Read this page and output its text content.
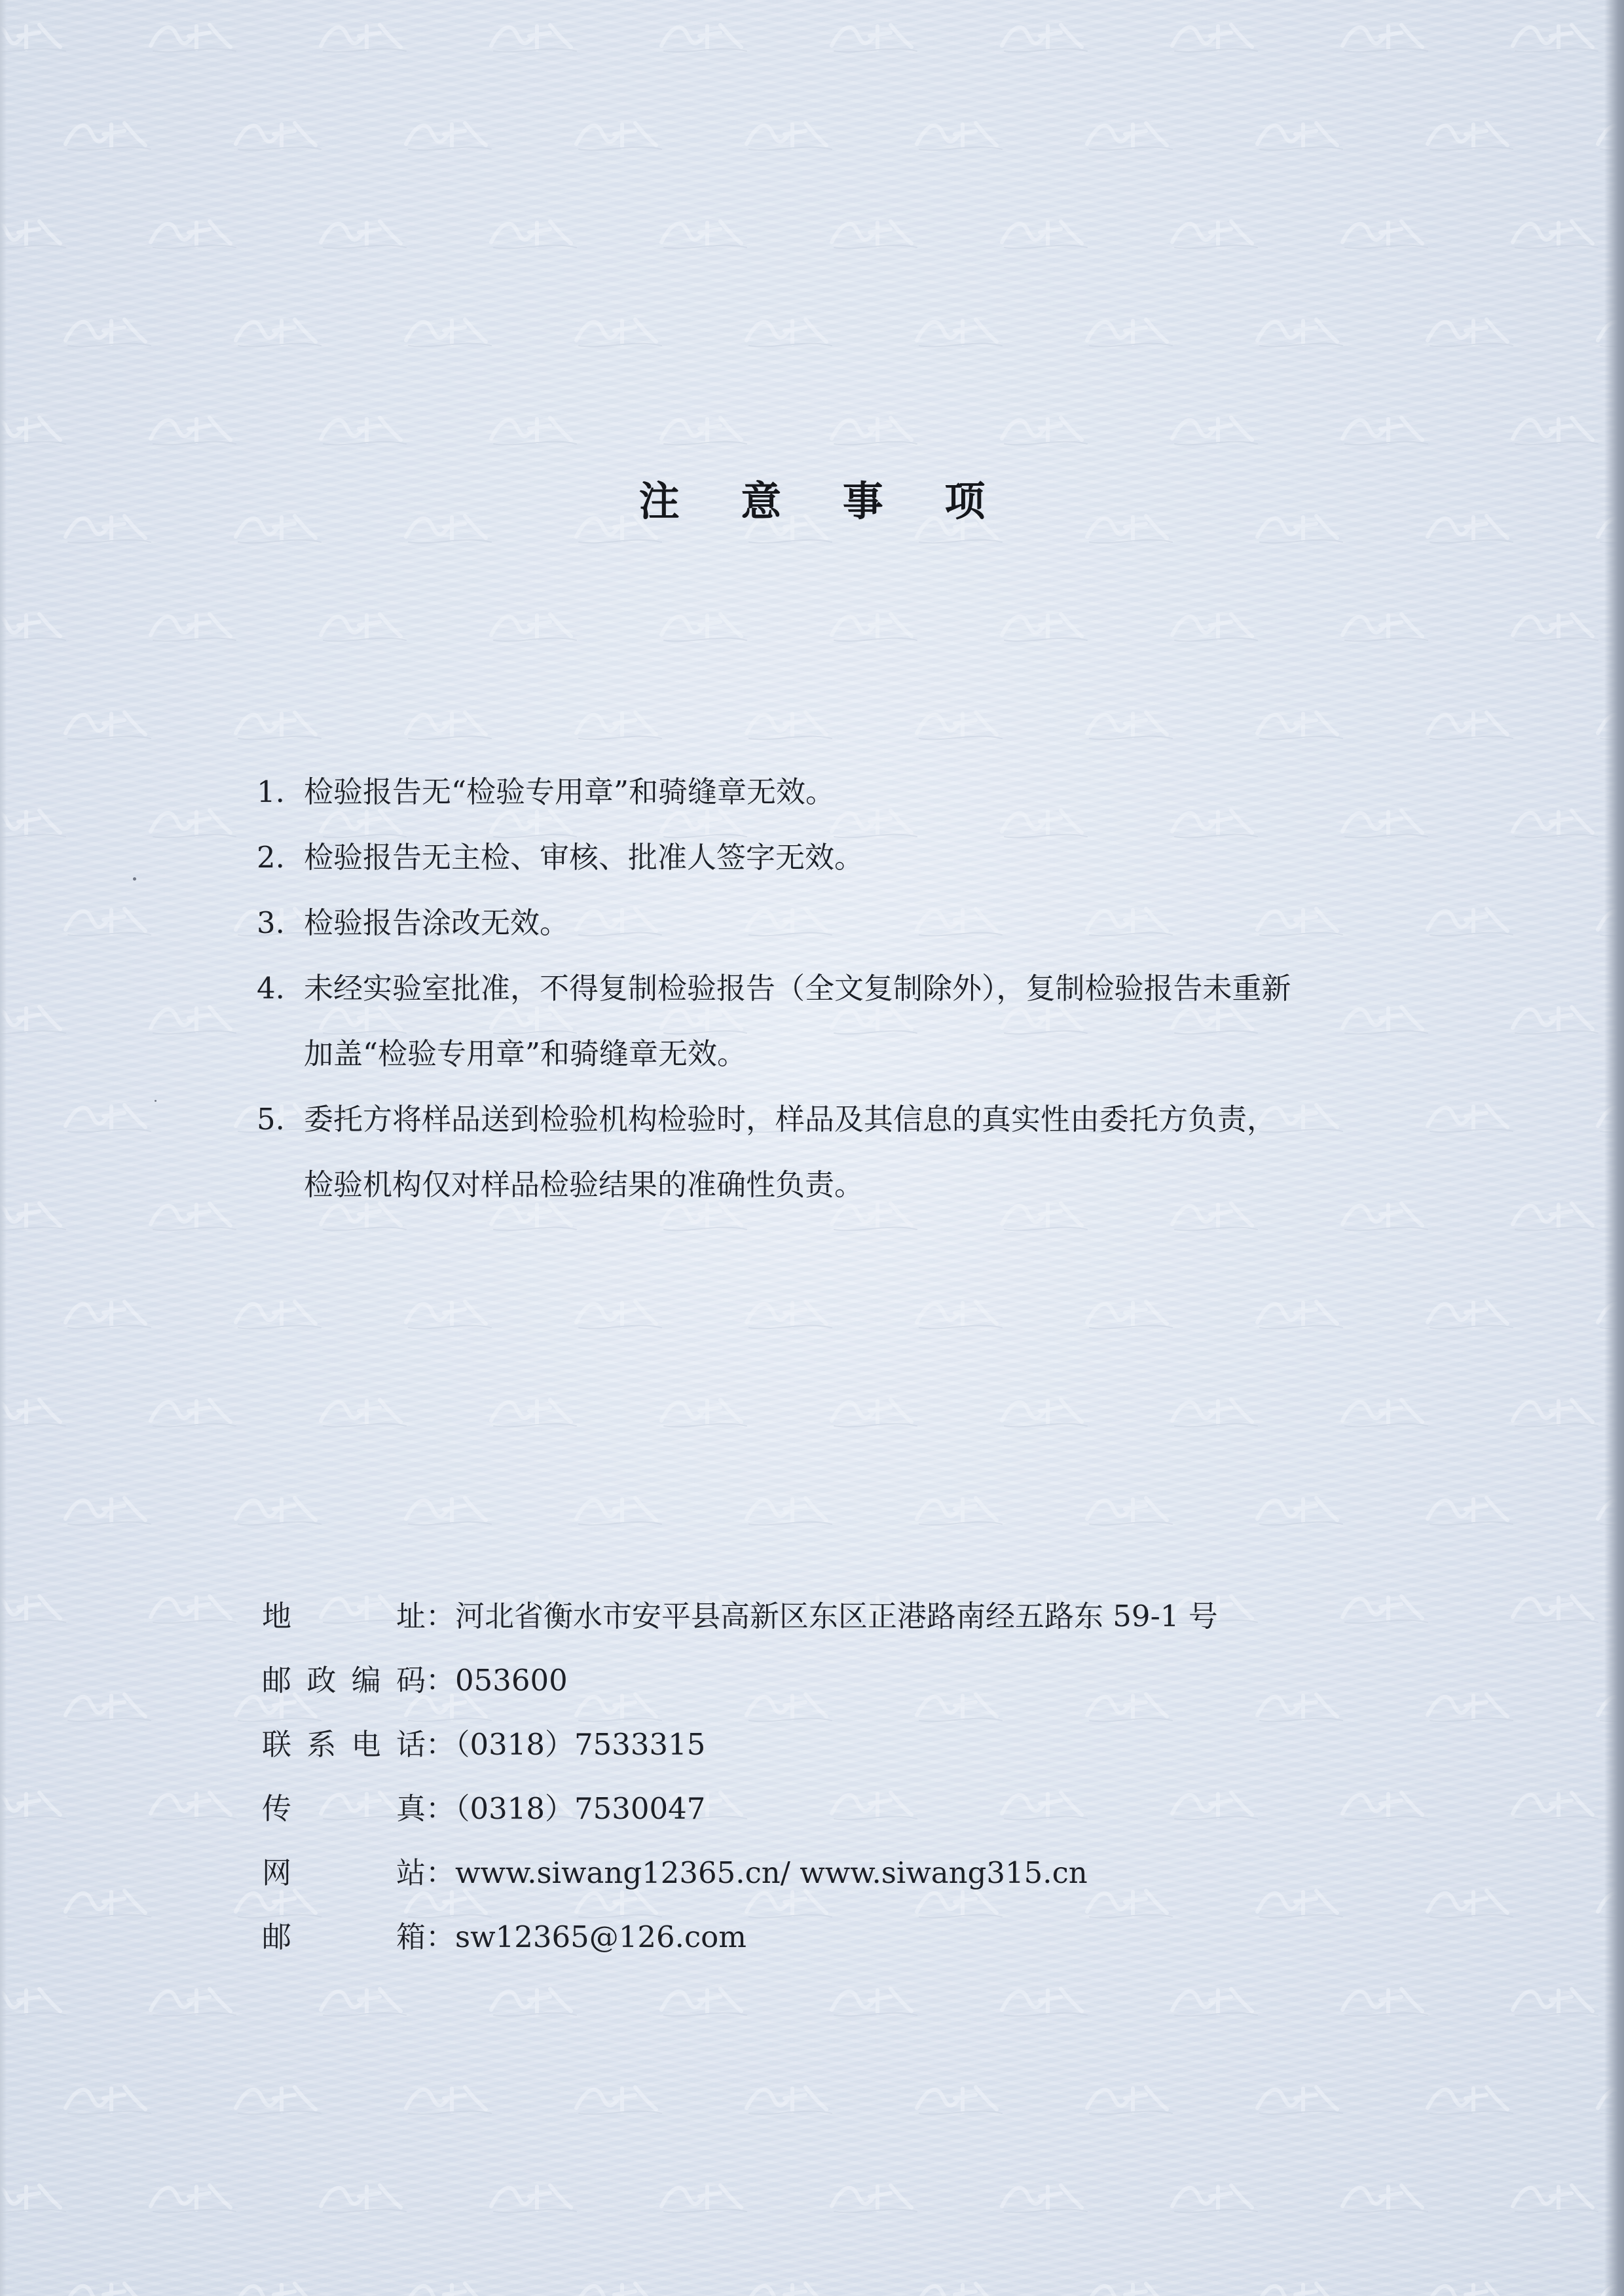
注 意 事 项
1. 检验报告无“检验专用章”和骑缝章无效。
2. 检验报告无主检、审核、批准人签字无效。
3. 检验报告涂改无效。
4. 未经实验室批准，不得复制检验报告（全文复制除外），复制检验报告未重新
加盖“检验专用章”和骑缝章无效。
5. 委托方将样品送到检验机构检验时，样品及其信息的真实性由委托方负责，
检验机构仅对样品检验结果的准确性负责。
地址 ：河北省衡水市安平县高新区东区正港路南经五路东 59-1 号
邮政编码 ：053600
联系电话 ：（0318）7533315
传真 ：（0318）7530047
网站 ：www.siwang12365.cn/ www.siwang315.cn
邮箱 ：sw12365@126.com
